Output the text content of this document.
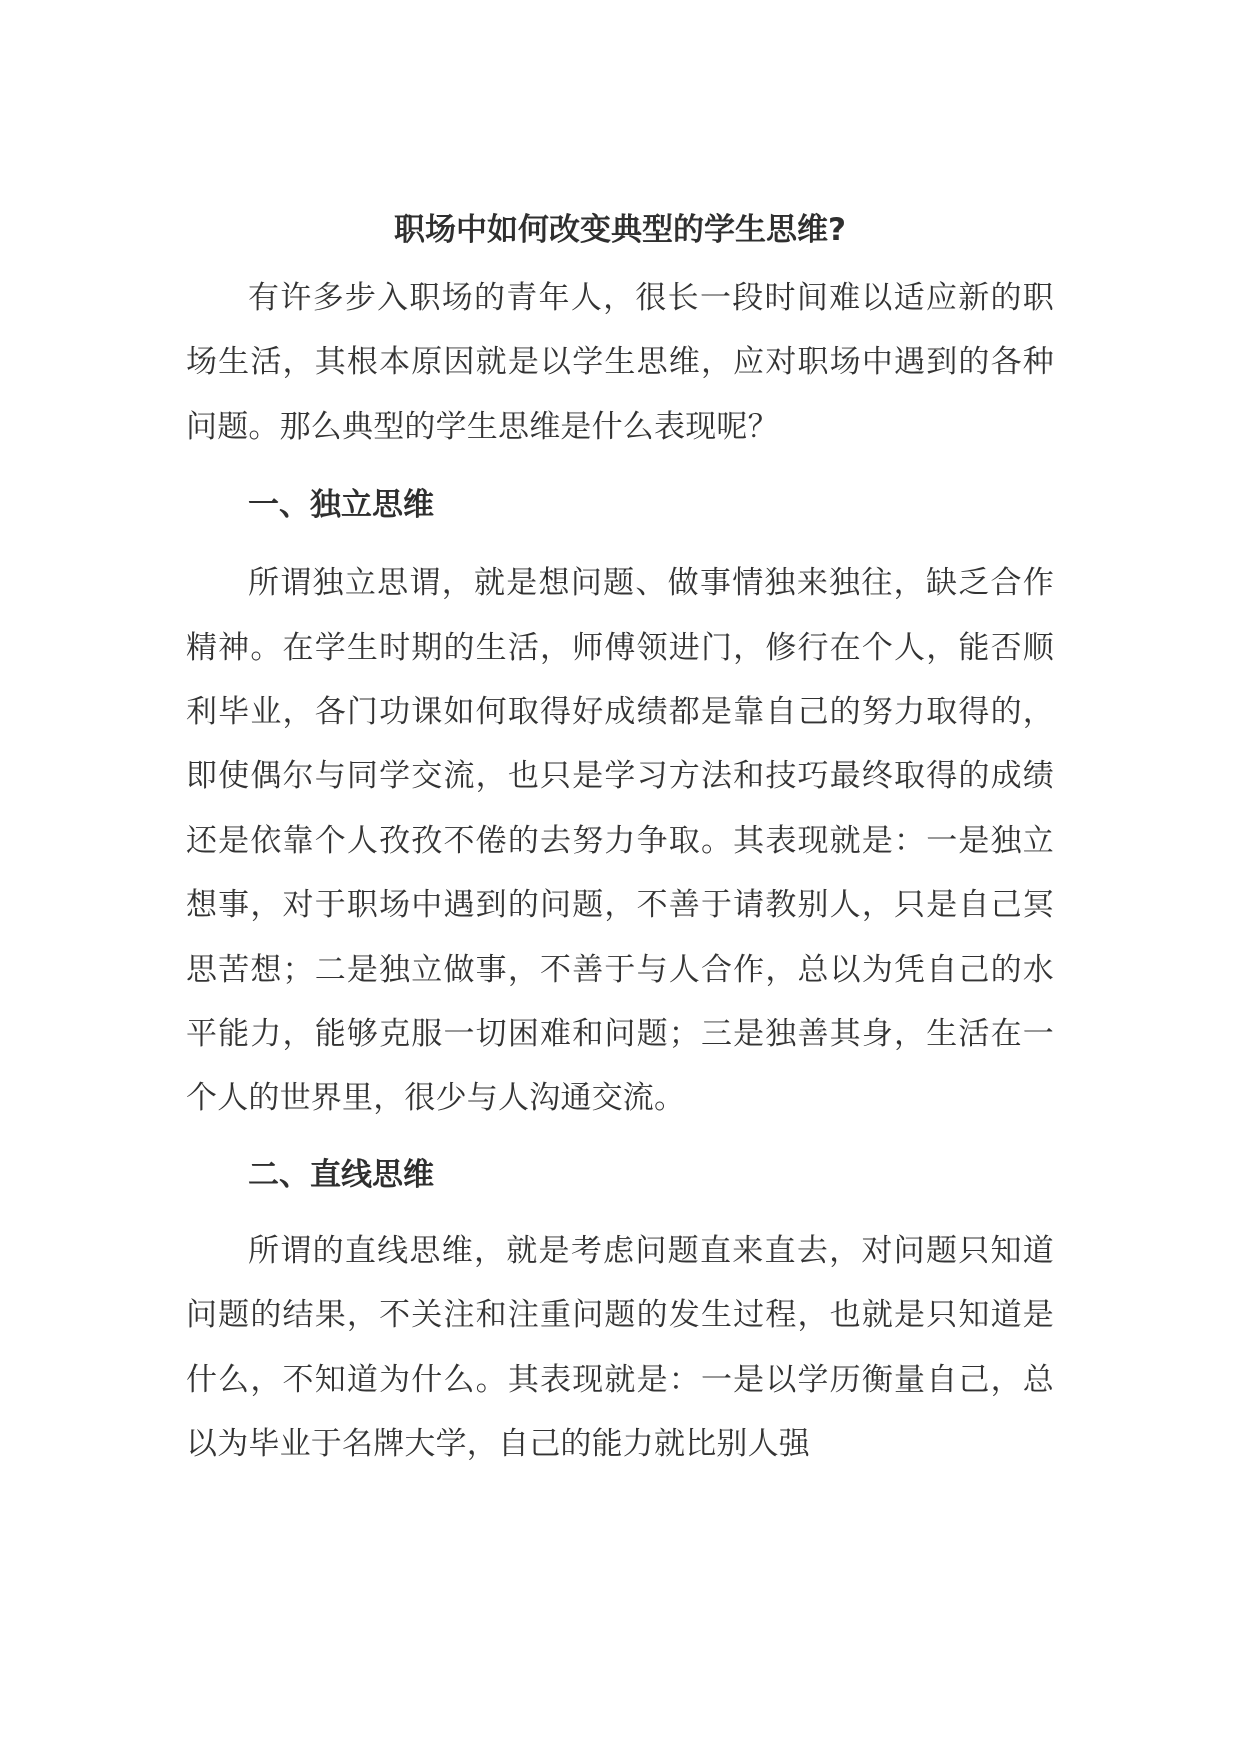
职场中如何改变典型的学生思维?

有许多步入职场的青年人，很长一段时间难以适应新的职场生活，其根本原因就是以学生思维，应对职场中遇到的各种问题。那么典型的学生思维是什么表现呢？

一、独立思维

所谓独立思谓，就是想问题、做事情独来独往，缺乏合作精神。在学生时期的生活，师傅领进门，修行在个人，能否顺利毕业，各门功课如何取得好成绩都是靠自己的努力取得的，即使偶尔与同学交流，也只是学习方法和技巧最终取得的成绩还是依靠个人孜孜不倦的去努力争取。其表现就是：一是独立想事，对于职场中遇到的问题，不善于请教别人，只是自己冥思苦想；二是独立做事，不善于与人合作，总以为凭自己的水平能力，能够克服一切困难和问题；三是独善其身，生活在一个人的世界里，很少与人沟通交流。

二、直线思维

所谓的直线思维，就是考虑问题直来直去，对问题只知道问题的结果，不关注和注重问题的发生过程，也就是只知道是什么，不知道为什么。其表现就是：一是以学历衡量自己，总以为毕业于名牌大学，自己的能力就比别人强
